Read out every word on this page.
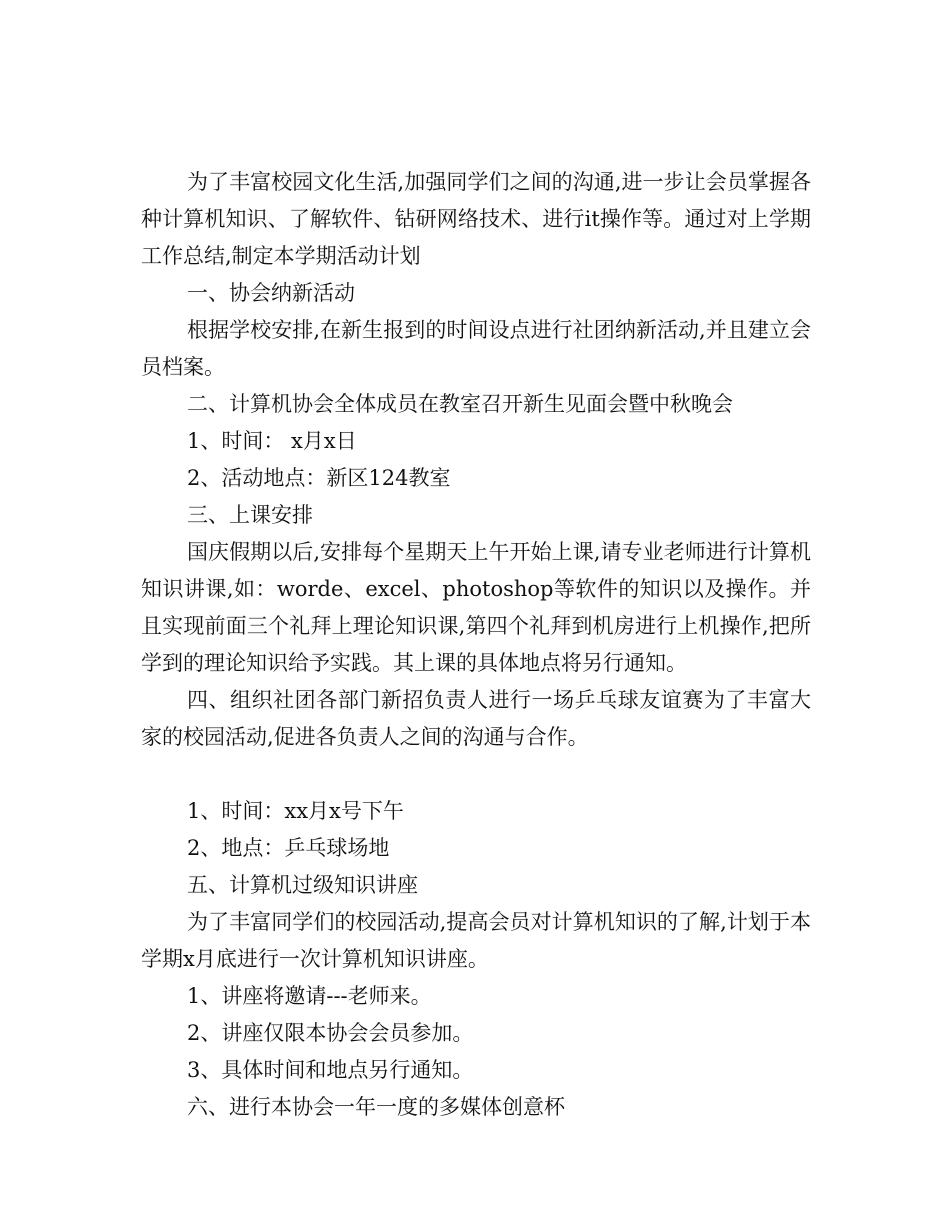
为了丰富校园文化生活,加强同学们之间的沟通,进一步让会员掌握各种计算机知识、了解软件、钻研网络技术、进行it操作等。通过对上学期工作总结,制定本学期活动计划

一、协会纳新活动

根据学校安排,在新生报到的时间设点进行社团纳新活动,并且建立会员档案。

二、计算机协会全体成员在教室召开新生见面会暨中秋晚会

1、时间： x月x日

2、活动地点：新区124教室

三、上课安排

国庆假期以后,安排每个星期天上午开始上课,请专业老师进行计算机知识讲课,如：worde、excel、photoshop等软件的知识以及操作。并且实现前面三个礼拜上理论知识课,第四个礼拜到机房进行上机操作,把所学到的理论知识给予实践。其上课的具体地点将另行通知。

四、组织社团各部门新招负责人进行一场乒乓球友谊赛为了丰富大家的校园活动,促进各负责人之间的沟通与合作。

1、时间：xx月x号下午

2、地点：乒乓球场地

五、计算机过级知识讲座

为了丰富同学们的校园活动,提高会员对计算机知识的了解,计划于本学期x月底进行一次计算机知识讲座。

1、讲座将邀请---老师来。

2、讲座仅限本协会会员参加。

3、具体时间和地点另行通知。

六、进行本协会一年一度的多媒体创意杯
